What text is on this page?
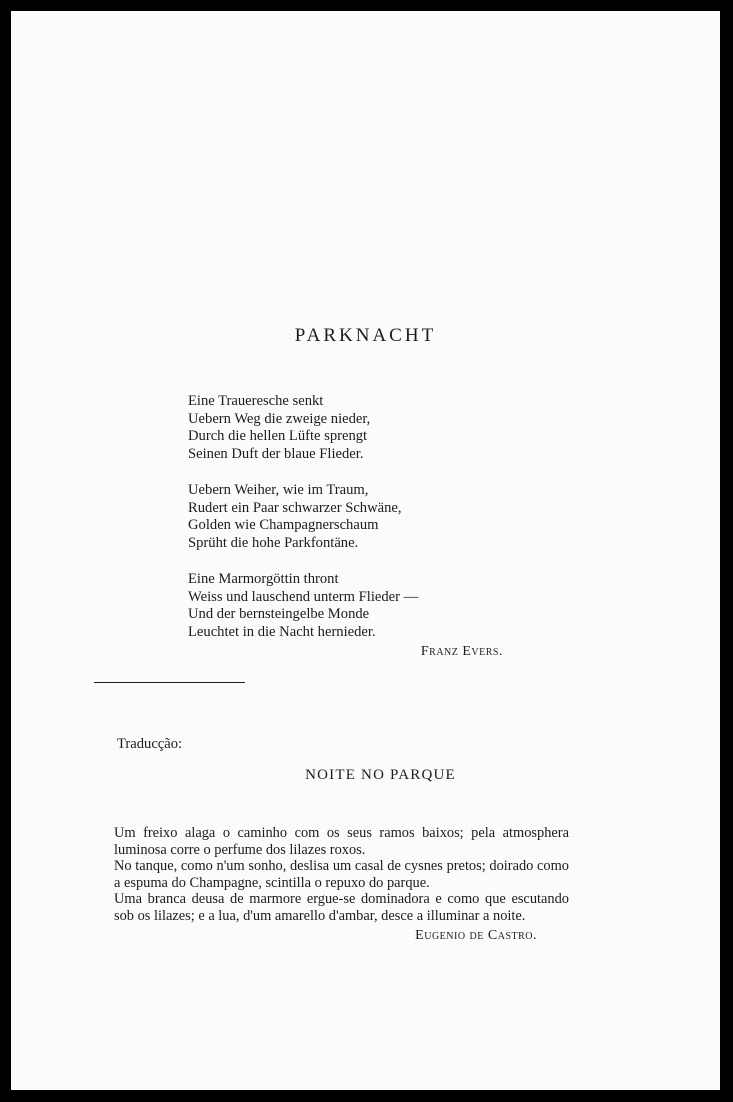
PARKNACHT
Eine Traueresche senkt
Uebern Weg die zweige nieder,
Durch die hellen Lüfte sprengt
Seinen Duft der blaue Flieder.
Uebern Weiher, wie im Traum,
Rudert ein Paar schwarzer Schwäne,
Golden wie Champagnerschaum
Sprüht die hohe Parkfontäne.
Eine Marmorgöttin thront
Weiss und lauschend unterm Flieder —
Und der bernsteingelbe Monde
Leuchtet in die Nacht hernieder.

Franz Evers.

Traducção:

NOITE NO PARQUE

Um freixo alaga o caminho com os seus ramos baixos; pela atmosphera luminosa corre o perfume dos lilazes roxos.

No tanque, como n'um sonho, deslisa um casal de cysnes pretos; doirado como a espuma do Champagne, scintilla o repuxo do parque.

Uma branca deusa de marmore ergue-se dominadora e como que escutando sob os lilazes; e a lua, d'um amarello d'ambar, desce a illuminar a noite.

Eugenio de Castro.
